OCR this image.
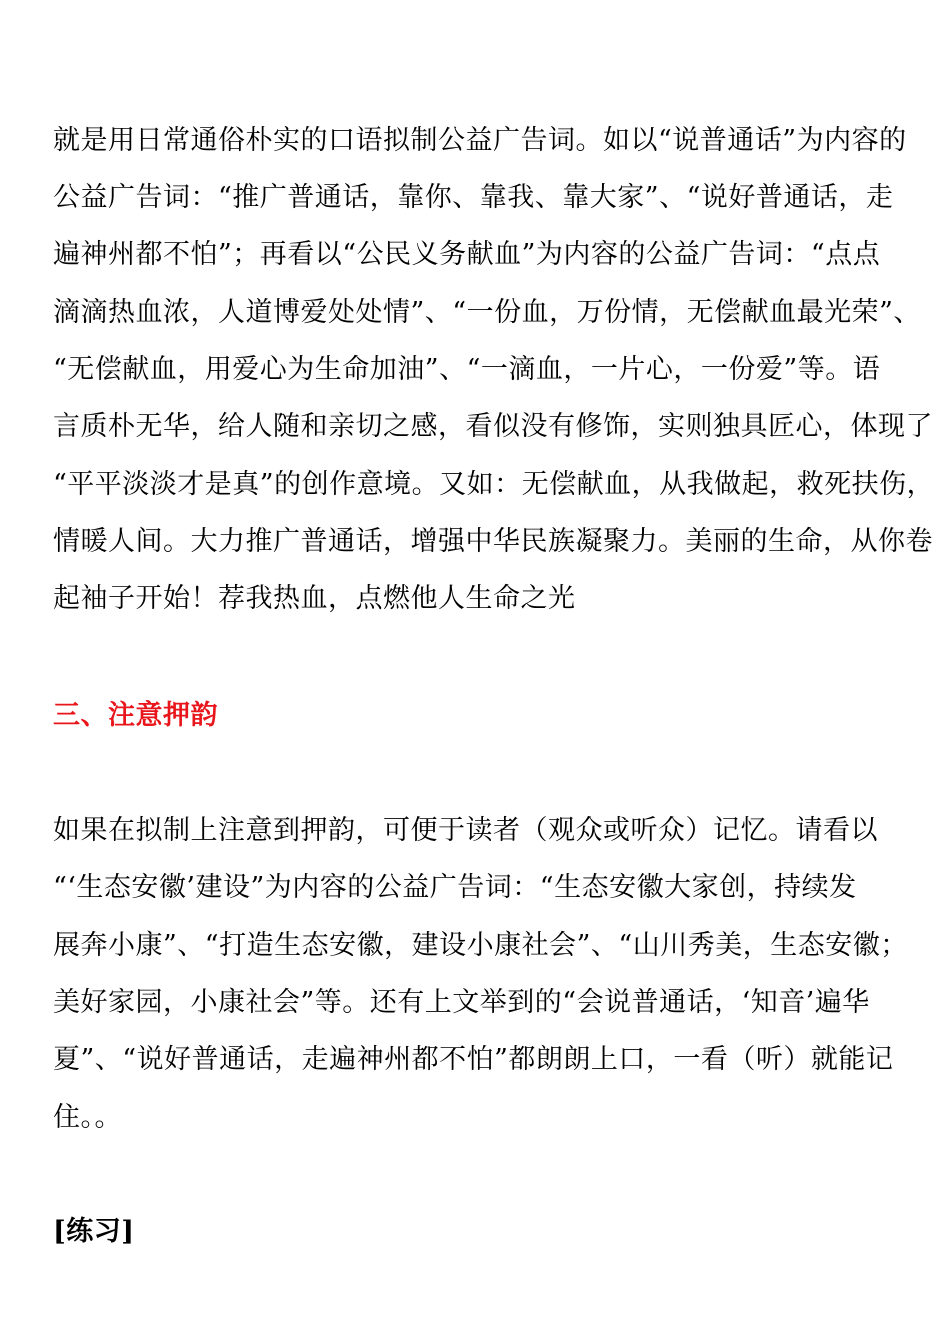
就是用日常通俗朴实的口语拟制公益广告词。如以“说普通话”为内容的
公益广告词：“推广普通话，靠你、靠我、靠大家”、“说好普通话，走
遍神州都不怕”；再看以“公民义务献血”为内容的公益广告词：“点点
滴滴热血浓，人道博爱处处情”、“一份血，万份情，无偿献血最光荣”、
“无偿献血，用爱心为生命加油”、“一滴血，一片心，一份爱”等。语
言质朴无华，给人随和亲切之感，看似没有修饰，实则独具匠心，体现了
“平平淡淡才是真”的创作意境。又如：无偿献血，从我做起，救死扶伤，
情暖人间。大力推广普通话，增强中华民族凝聚力。美丽的生命，从你卷
起袖子开始！荐我热血，点燃他人生命之光
三、注意押韵
如果在拟制上注意到押韵，可便于读者（观众或听众）记忆。请看以
“‘生态安徽’建设”为内容的公益广告词：“生态安徽大家创，持续发
展奔小康”、“打造生态安徽，建设小康社会”、“山川秀美，生态安徽；
美好家园，小康社会”等。还有上文举到的“会说普通话，‘知音’遍华
夏”、“说好普通话，走遍神州都不怕”都朗朗上口，一看（听）就能记
住。。
[练习]
